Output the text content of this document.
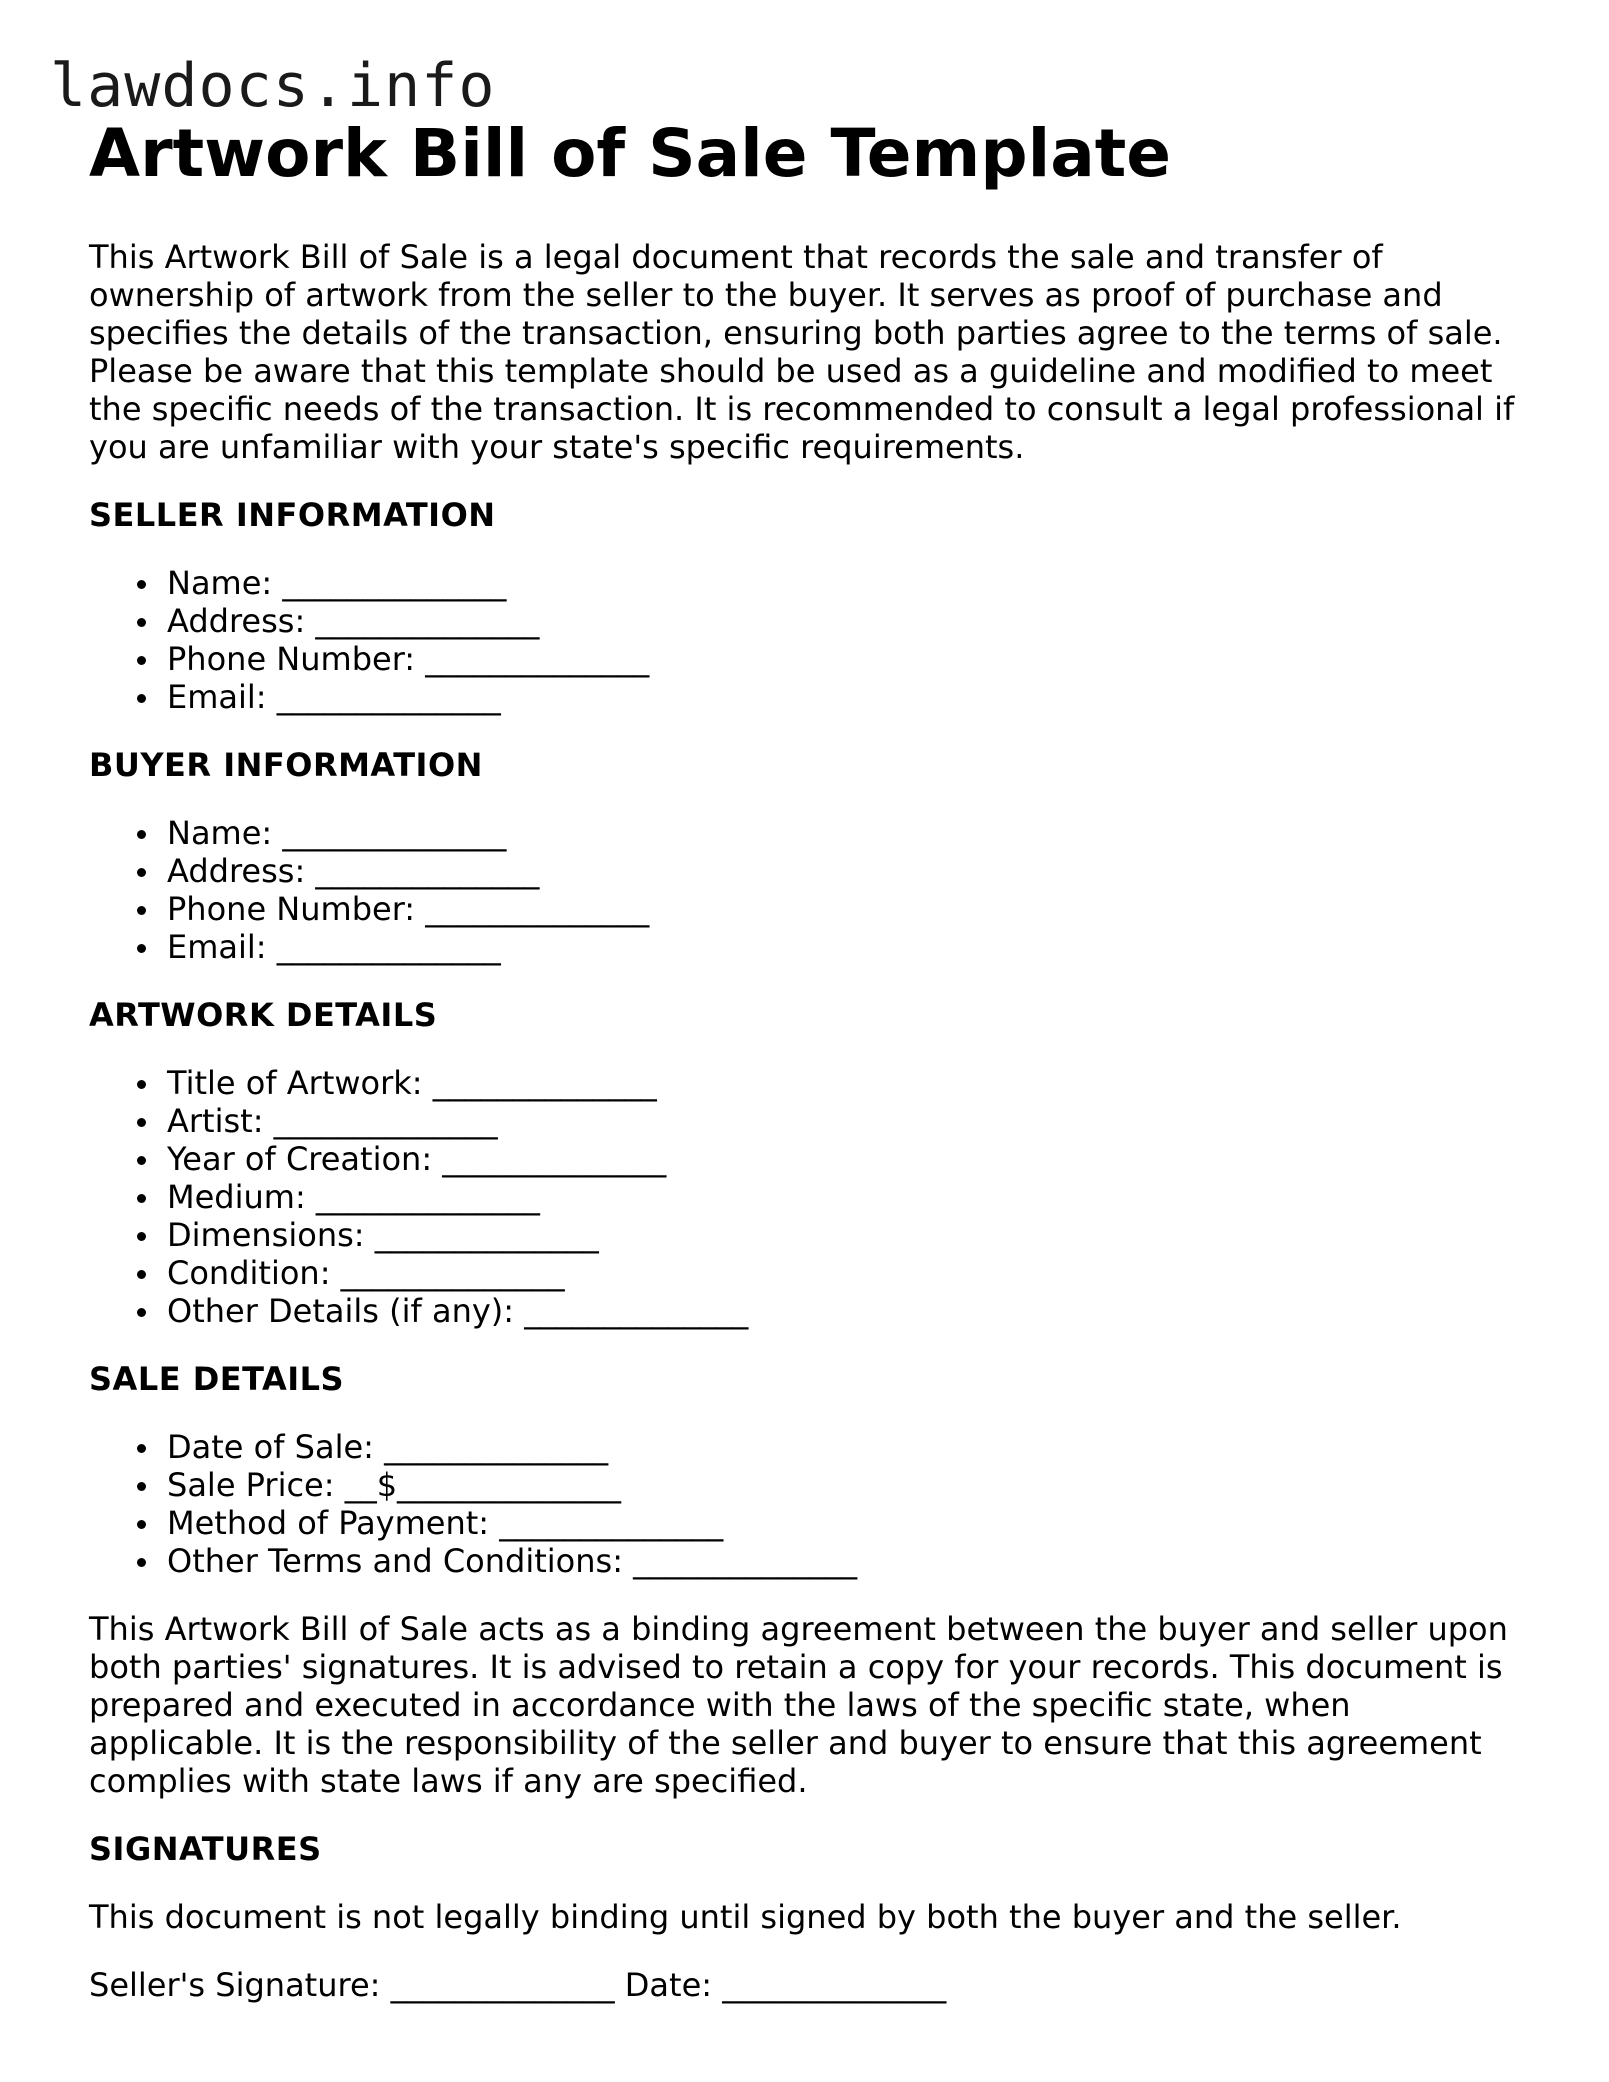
lawdocs.info
Artwork Bill of Sale Template

This Artwork Bill of Sale is a legal document that records the sale and transfer of ownership of artwork from the seller to the buyer. It serves as proof of purchase and specifies the details of the transaction, ensuring both parties agree to the terms of sale. Please be aware that this template should be used as a guideline and modified to meet the specific needs of the transaction. It is recommended to consult a legal professional if you are unfamiliar with your state's specific requirements.

SELLER INFORMATION
Name: ______________
Address: ______________
Phone Number: ______________
Email: ______________
BUYER INFORMATION
Name: ______________
Address: ______________
Phone Number: ______________
Email: ______________
ARTWORK DETAILS
Title of Artwork: ______________
Artist: ______________
Year of Creation: ______________
Medium: ______________
Dimensions: ______________
Condition: ______________
Other Details (if any): ______________
SALE DETAILS
Date of Sale: ______________
Sale Price: __$______________
Method of Payment: ______________
Other Terms and Conditions: ______________

This Artwork Bill of Sale acts as a binding agreement between the buyer and seller upon both parties' signatures. It is advised to retain a copy for your records. This document is prepared and executed in accordance with the laws of the specific state, when applicable. It is the responsibility of the seller and buyer to ensure that this agreement complies with state laws if any are specified.

SIGNATURES

This document is not legally binding until signed by both the buyer and the seller.

Seller's Signature: ______________ Date: ______________
